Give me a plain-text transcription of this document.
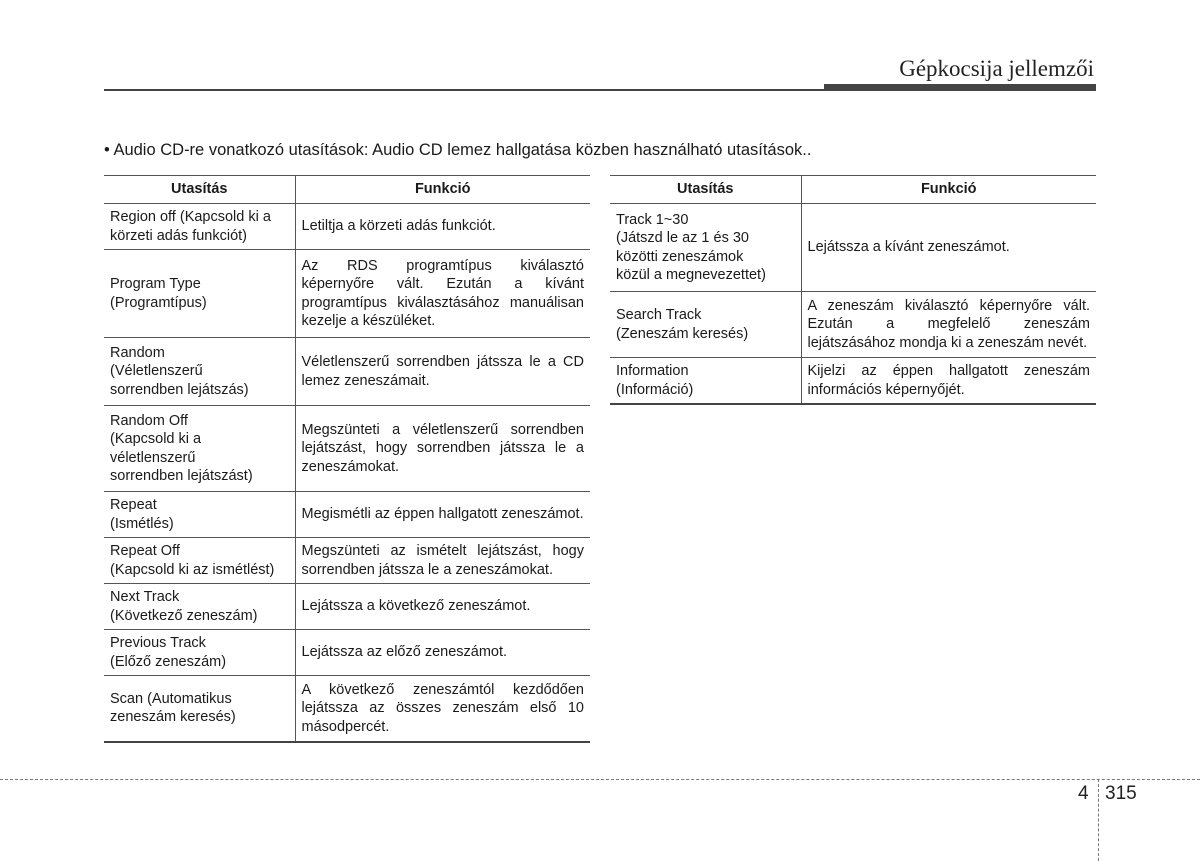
Gépkocsija jellemzői
• Audio CD-re vonatkozó utasítások: Audio CD lemez hallgatása közben használható utasítások..
Utasítás	Funkció

Region off (Kapcsold ki a
körzeti adás funkciót)	Letiltja a körzeti adás funkciót.

Program Type
(Programtípus)	Az RDS programtípus kiválasztó képernyőre vált. Ezután a kívánt programtípus kiválasztásához manuálisan kezelje a készüléket.

Random
(Véletlenszerű
sorrendben lejátszás)	Véletlenszerű sorrendben játssza le a CD lemez zeneszámait.

Random Off
(Kapcsold ki a
véletlenszerű
sorrendben lejátszást)	Megszünteti a véletlenszerű sorrendben lejátszást, hogy sorrendben játssza le a zeneszámokat.

Repeat
(Ismétlés)	Megismétli az éppen hallgatott zeneszámot.

Repeat Off
(Kapcsold ki az ismétlést)	Megszünteti az ismételt lejátszást, hogy sorrendben játssza le a zeneszámokat.

Next Track
(Következő zeneszám)	Lejátssza a következő zeneszámot.

Previous Track
(Előző zeneszám)	Lejátssza az előző zeneszámot.

Scan (Automatikus
zeneszám keresés)	A következő zeneszámtól kezdődően lejátssza az összes zeneszám első 10 másodpercét.
Utasítás	Funkció

Track 1~30
(Játszd le az 1 és 30
közötti zeneszámok
közül a megnevezettet)	Lejátssza a kívánt zeneszámot.

Search Track
(Zeneszám keresés)	A zeneszám kiválasztó képernyőre vált. Ezután a megfelelő zeneszám lejátszásához mondja ki a zeneszám nevét.

Information
(Információ)	Kijelzi az éppen hallgatott zeneszám információs képernyőjét.
4 315
